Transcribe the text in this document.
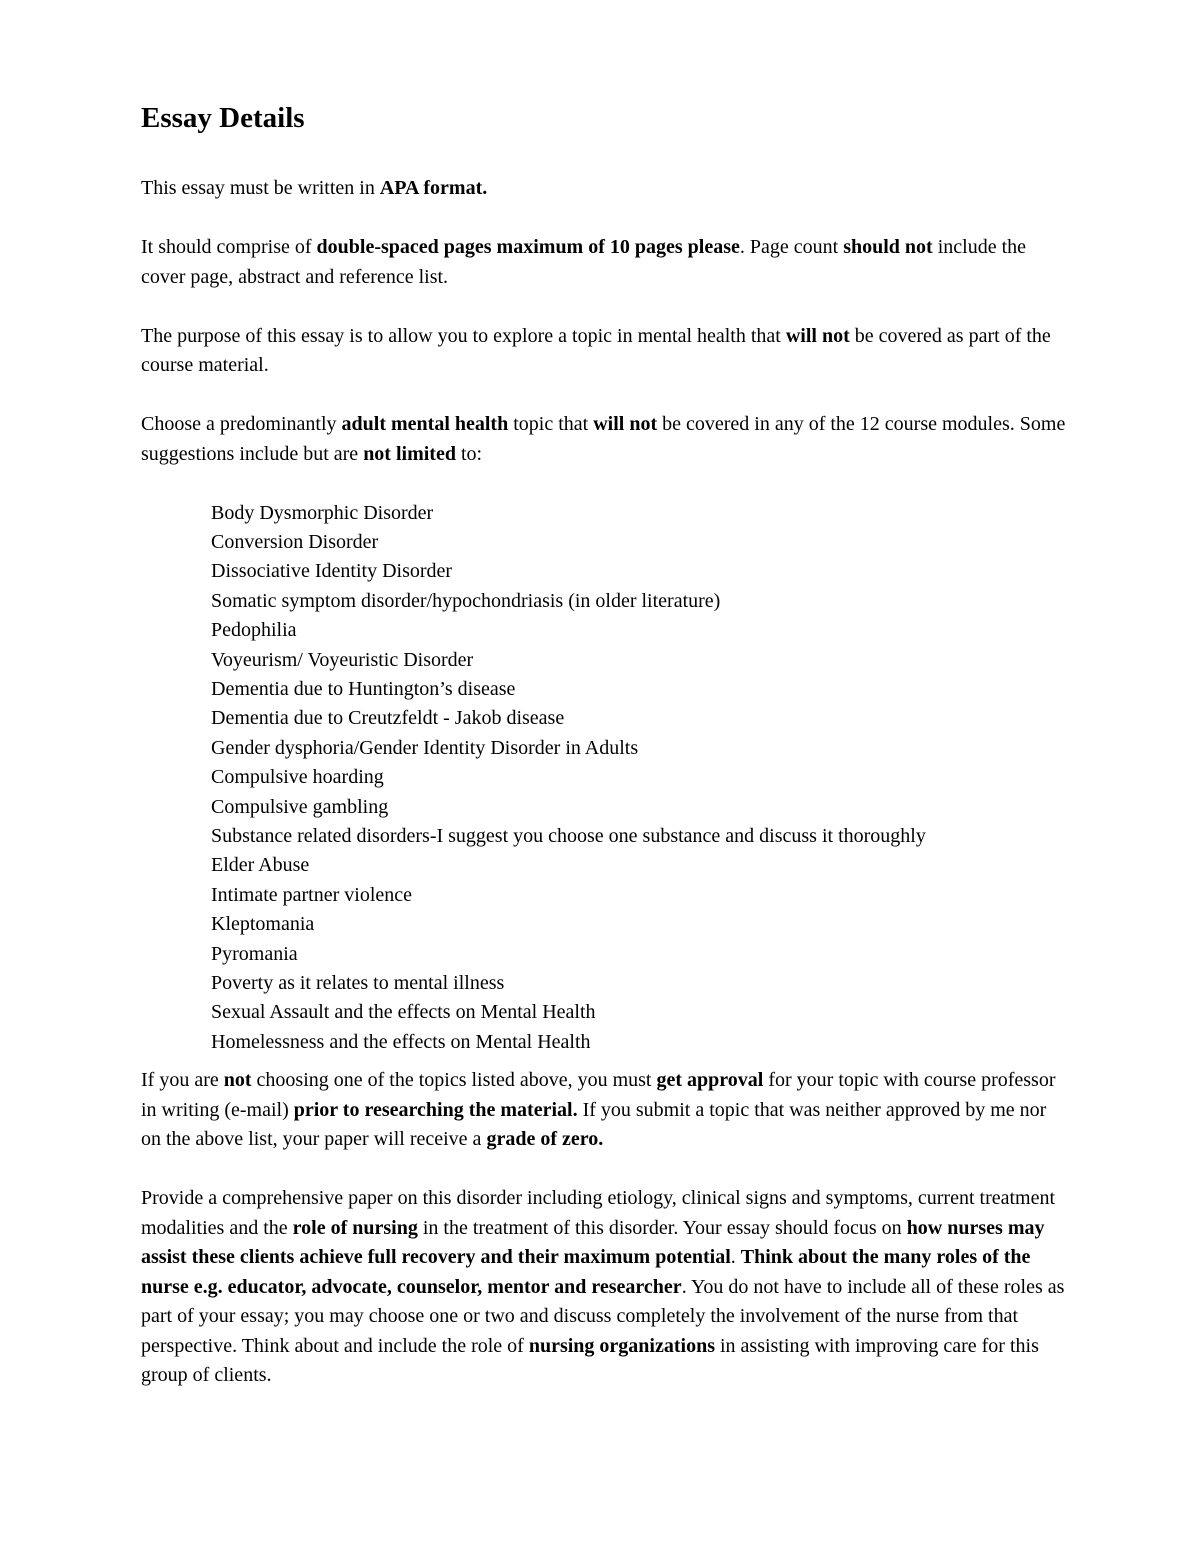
Essay Details

This essay must be written in APA format.

It should comprise of double-spaced pages maximum of 10 pages please. Page count should not include the cover page, abstract and reference list.

The purpose of this essay is to allow you to explore a topic in mental health that will not be covered as part of the course material.

Choose a predominantly adult mental health topic that will not be covered in any of the 12 course modules. Some suggestions include but are not limited to:

Body Dysmorphic Disorder
Conversion Disorder
Dissociative Identity Disorder
Somatic symptom disorder/hypochondriasis (in older literature)
Pedophilia
Voyeurism/ Voyeuristic Disorder
Dementia due to Huntington’s disease
Dementia due to Creutzfeldt - Jakob disease
Gender dysphoria/Gender Identity Disorder in Adults
Compulsive hoarding
Compulsive gambling
Substance related disorders-I suggest you choose one substance and discuss it thoroughly
Elder Abuse
Intimate partner violence
Kleptomania
Pyromania
Poverty as it relates to mental illness
Sexual Assault and the effects on Mental Health
Homelessness and the effects on Mental Health

If you are not choosing one of the topics listed above, you must get approval for your topic with course professor in writing (e-mail) prior to researching the material. If you submit a topic that was neither approved by me nor on the above list, your paper will receive a grade of zero.

Provide a comprehensive paper on this disorder including etiology, clinical signs and symptoms, current treatment modalities and the role of nursing in the treatment of this disorder. Your essay should focus on how nurses may assist these clients achieve full recovery and their maximum potential. Think about the many roles of the nurse e.g. educator, advocate, counselor, mentor and researcher. You do not have to include all of these roles as part of your essay; you may choose one or two and discuss completely the involvement of the nurse from that perspective. Think about and include the role of nursing organizations in assisting with improving care for this group of clients.
